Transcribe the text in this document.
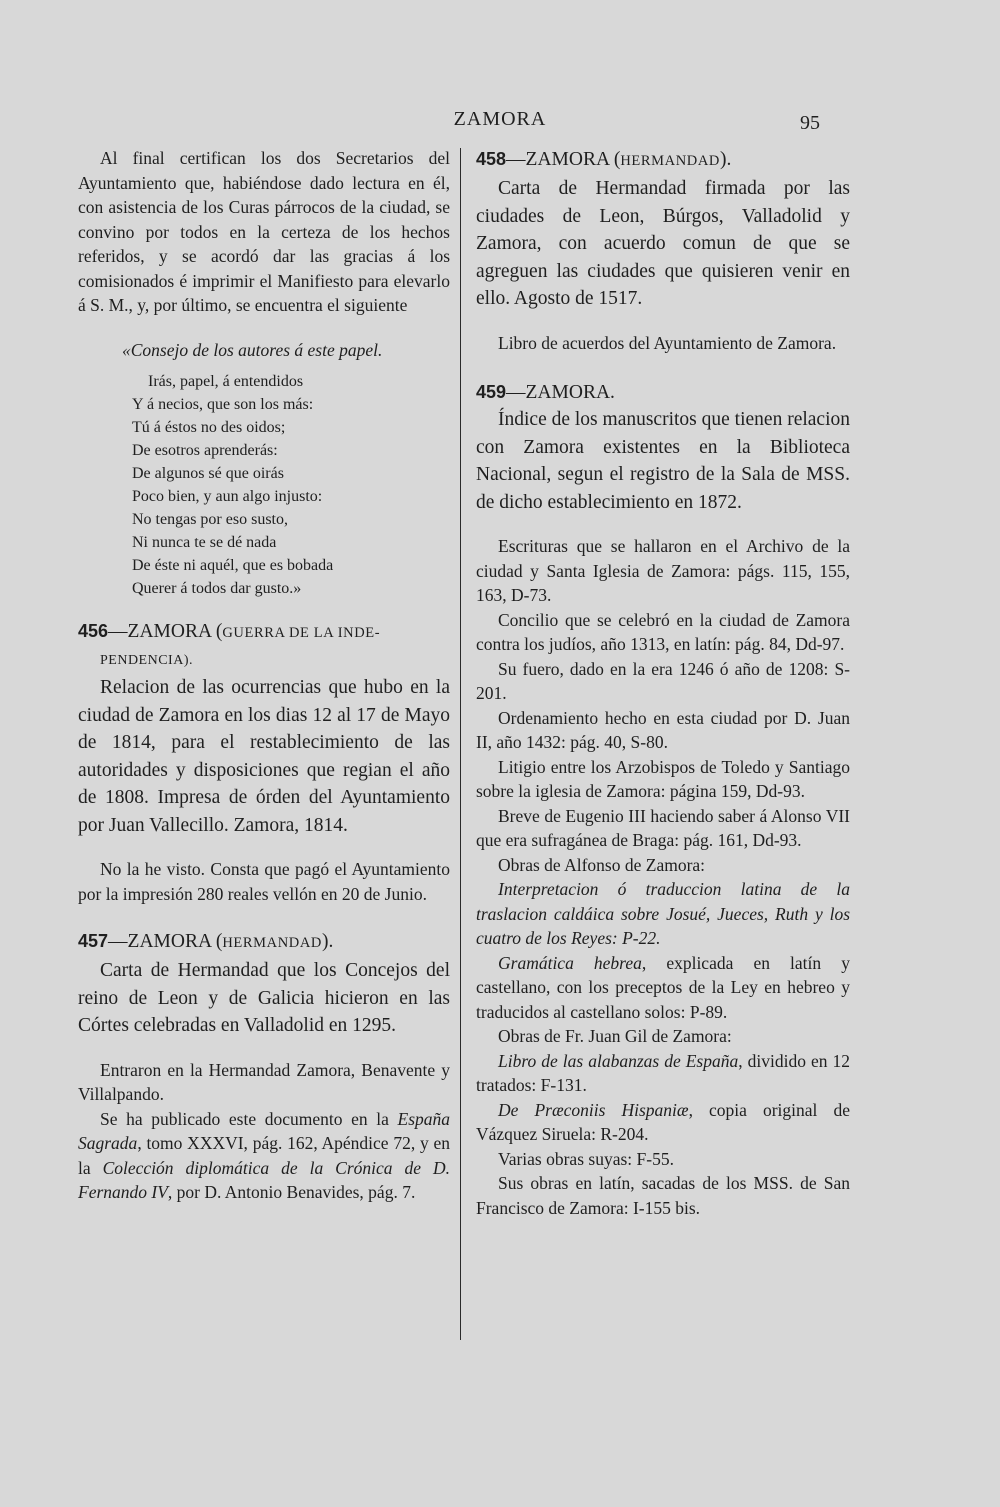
ZAMORA	95

Al final certifican los dos Secretarios del Ayuntamiento que, habiéndose dado lectura en él, con asistencia de los Curas párrocos de la ciudad, se convino por todos en la certeza de los hechos referidos, y se acordó dar las gracias á los comisionados é imprimir el Manifiesto para elevarlo á S. M., y, por último, se encuentra el siguiente

«Consejo de los autores á este papel.

Irás, papel, á entendidos
Y á necios, que son los más:
Tú á éstos no des oidos;
De esotros aprenderás:
De algunos sé que oirás
Poco bien, y aun algo injusto:
No tengas por eso susto,
Ni nunca te se dé nada
De éste ni aquél, que es bobada
Querer á todos dar gusto.»
456—ZAMORA (GUERRA DE LA INDE-
PENDENCIA).

Relacion de las ocurrencias que hubo en la ciudad de Zamora en los dias 12 al 17 de Mayo de 1814, para el restablecimiento de las autoridades y disposiciones que regian el año de 1808. Impresa de órden del Ayuntamiento por Juan Vallecillo. Zamora, 1814.

No la he visto. Consta que pagó el Ayuntamiento por la impresión 280 reales vellón en 20 de Junio.

457—ZAMORA (HERMANDAD).

Carta de Hermandad que los Concejos del reino de Leon y de Galicia hicieron en las Córtes celebradas en Valladolid en 1295.

Entraron en la Hermandad Zamora, Benavente y Villalpando.

Se ha publicado este documento en la España Sagrada, tomo XXXVI, pág. 162, Apéndice 72, y en la Colección diplomática de la Crónica de D. Fernando IV, por D. Antonio Benavides, pág. 7.

458—ZAMORA (HERMANDAD).

Carta de Hermandad firmada por las ciudades de Leon, Búrgos, Valladolid y Zamora, con acuerdo comun de que se agreguen las ciudades que quisieren venir en ello. Agosto de 1517.

Libro de acuerdos del Ayuntamiento de Zamora.

459—ZAMORA.

Índice de los manuscritos que tienen relacion con Zamora existentes en la Biblioteca Nacional, segun el registro de la Sala de MSS. de dicho establecimiento en 1872.

Escrituras que se hallaron en el Archivo de la ciudad y Santa Iglesia de Zamora: págs. 115, 155, 163, D-73.

Concilio que se celebró en la ciudad de Zamora contra los judíos, año 1313, en latín: pág. 84, Dd-97.

Su fuero, dado en la era 1246 ó año de 1208: S-201.

Ordenamiento hecho en esta ciudad por D. Juan II, año 1432: pág. 40, S-80.

Litigio entre los Arzobispos de Toledo y Santiago sobre la iglesia de Zamora: página 159, Dd-93.

Breve de Eugenio III haciendo saber á Alonso VII que era sufragánea de Braga: pág. 161, Dd-93.

Obras de Alfonso de Zamora:

Interpretacion ó traduccion latina de la traslacion caldáica sobre Josué, Jueces, Ruth y los cuatro de los Reyes: P-22.

Gramática hebrea, explicada en latín y castellano, con los preceptos de la Ley en hebreo y traducidos al castellano solos: P-89.

Obras de Fr. Juan Gil de Zamora:

Libro de las alabanzas de España, dividido en 12 tratados: F-131.

De Præconiis Hispaniæ, copia original de Vázquez Siruela: R-204.

Varias obras suyas: F-55.

Sus obras en latín, sacadas de los MSS. de San Francisco de Zamora: I-155 bis.
